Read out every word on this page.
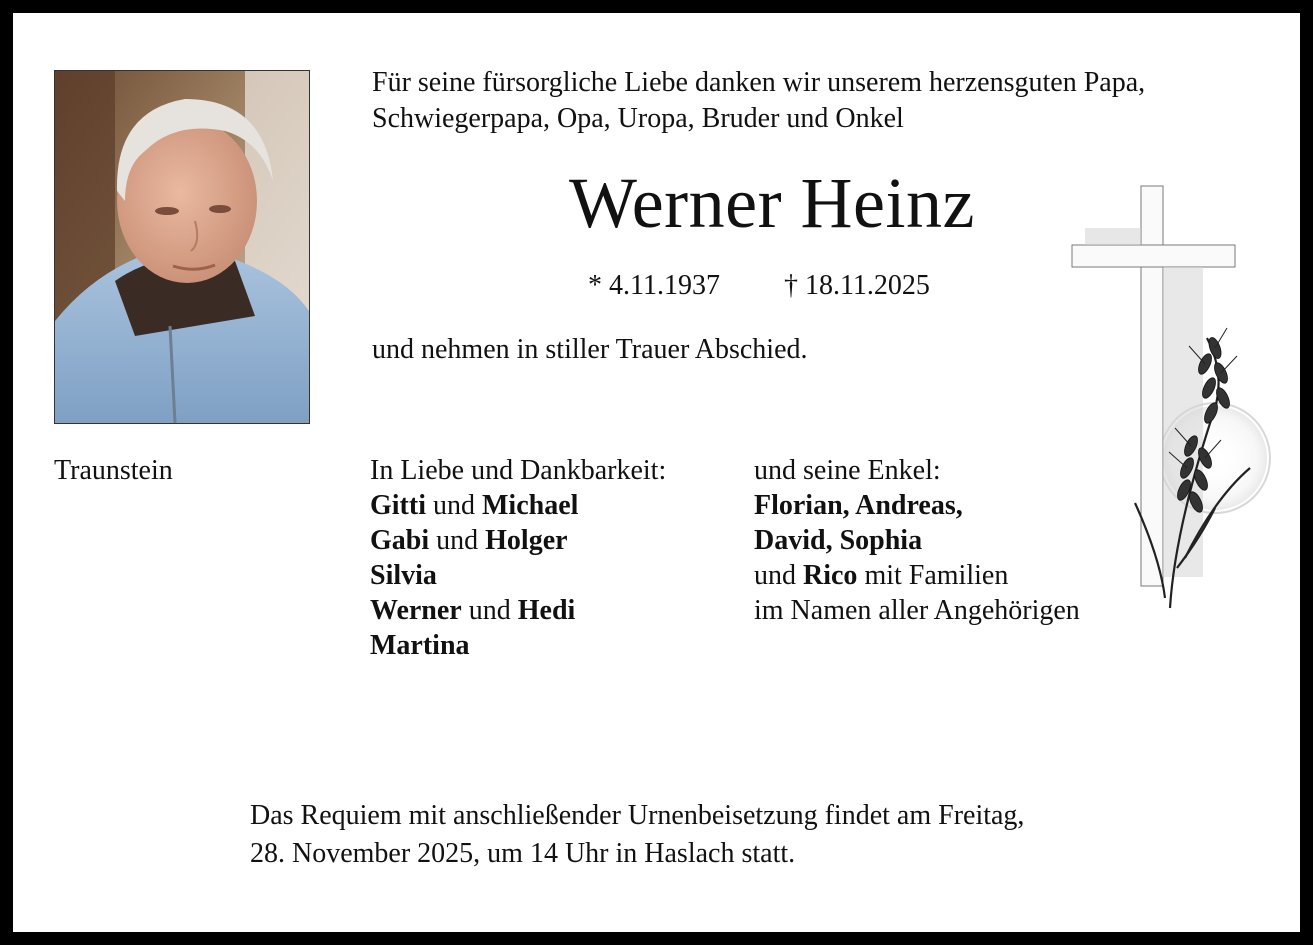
Für seine fürsorgliche Liebe danken wir unserem herzensguten Papa,
Schwiegerpapa, Opa, Uropa, Bruder und Onkel
Werner Heinz
* 4.11.1937 † 18.11.2025
und nehmen in stiller Trauer Abschied.
Traunstein	In Liebe und Dankbarkeit:
Gitti und Michael
Gabi und Holger
Silvia
Werner und Hedi
Martina
und seine Enkel:
Florian, Andreas,
David, Sophia
und Rico mit Familien
im Namen aller Angehörigen
Das Requiem mit anschließender Urnenbeisetzung findet am Freitag,
28. November 2025, um 14 Uhr in Haslach statt.
